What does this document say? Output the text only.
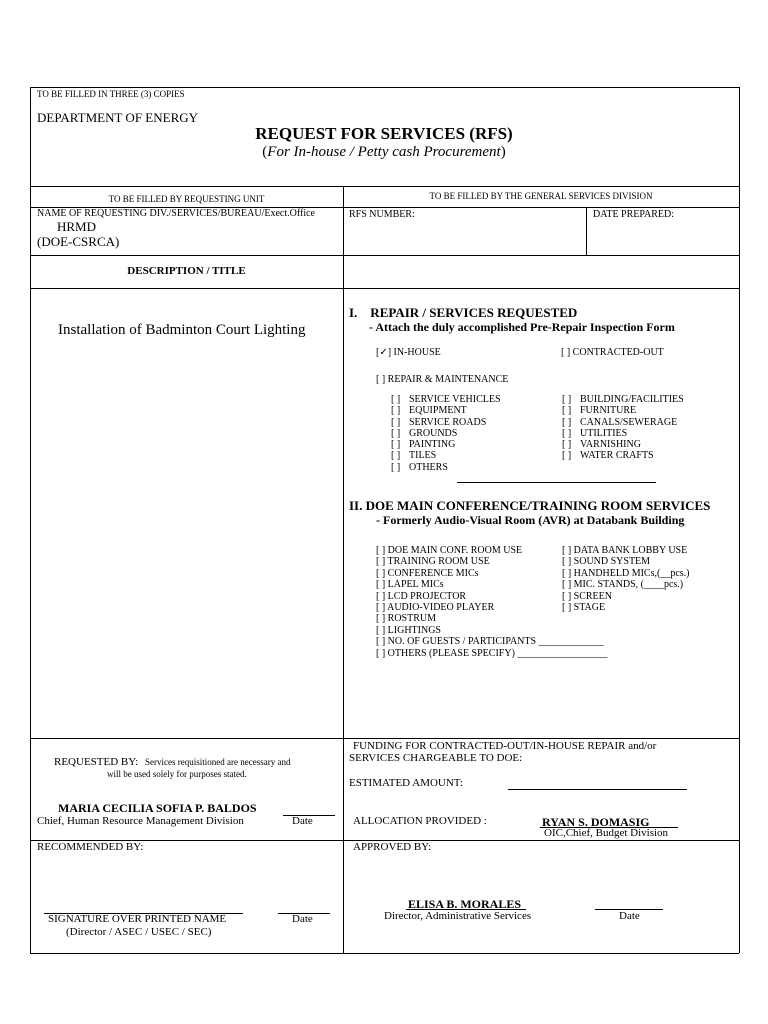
TO BE FILLED IN THREE (3) COPIES
DEPARTMENT OF ENERGY
REQUEST FOR SERVICES (RFS)
(For In-house / Petty cash Procurement)
TO BE FILLED BY REQUESTING UNIT	TO BE FILLED BY THE GENERAL SERVICES DIVISION
NAME OF REQUESTING DIV./SERVICES/BUREAU/Exect.Office
HRMD
(DOE-CSRCA)
RFS NUMBER:	DATE PREPARED:
DESCRIPTION / TITLE
Installation of Badminton Court Lighting
I.    REPAIR / SERVICES REQUESTED
- Attach the duly accomplished Pre-Repair Inspection Form
[✓] IN-HOUSE	[ ] CONTRACTED-OUT
[ ] REPAIR & MAINTENANCE
[ ] SERVICE VEHICLES
[ ] EQUIPMENT
[ ] SERVICE ROADS
[ ] GROUNDS
[ ] PAINTING
[ ] TILES
[ ] OTHERS
[ ] BUILDING/FACILITIES
[ ] FURNITURE
[ ] CANALS/SEWERAGE
[ ] UTILITIES
[ ] VARNISHING
[ ] WATER CRAFTS
II. DOE MAIN CONFERENCE/TRAINING ROOM SERVICES
- Formerly Audio-Visual Room (AVR) at Databank Building
[ ] DOE MAIN CONF. ROOM USE
[ ] TRAINING ROOM USE
[ ] CONFERENCE MICs
[ ] LAPEL MICs
[ ] LCD PROJECTOR
[ ] AUDIO-VIDEO PLAYER
[ ] ROSTRUM
[ ] LIGHTINGS
[ ] NO. OF GUESTS / PARTICIPANTS _____________
[ ] OTHERS (PLEASE SPECIFY) __________________
[ ] DATA BANK LOBBY USE
[ ] SOUND SYSTEM
[ ] HANDHELD MICs,(__pcs.)
[ ] MIC. STANDS, (____pcs.)
[ ] SCREEN
[ ] STAGE
REQUESTED BY: Services requisitioned are necessary and
will be used solely for purposes stated.
MARIA CECILIA SOFIA P. BALDOS
Chief, Human Resource Management Division	Date
FUNDING FOR CONTRACTED-OUT/IN-HOUSE REPAIR and/or
SERVICES CHARGEABLE TO DOE:
ESTIMATED AMOUNT:
ALLOCATION PROVIDED :	RYAN S. DOMASIG
OIC,Chief, Budget Division
RECOMMENDED BY:
SIGNATURE OVER PRINTED NAME	Date
(Director / ASEC / USEC / SEC)
APPROVED BY:
ELISA B. MORALES
Director, Administrative Services	Date
